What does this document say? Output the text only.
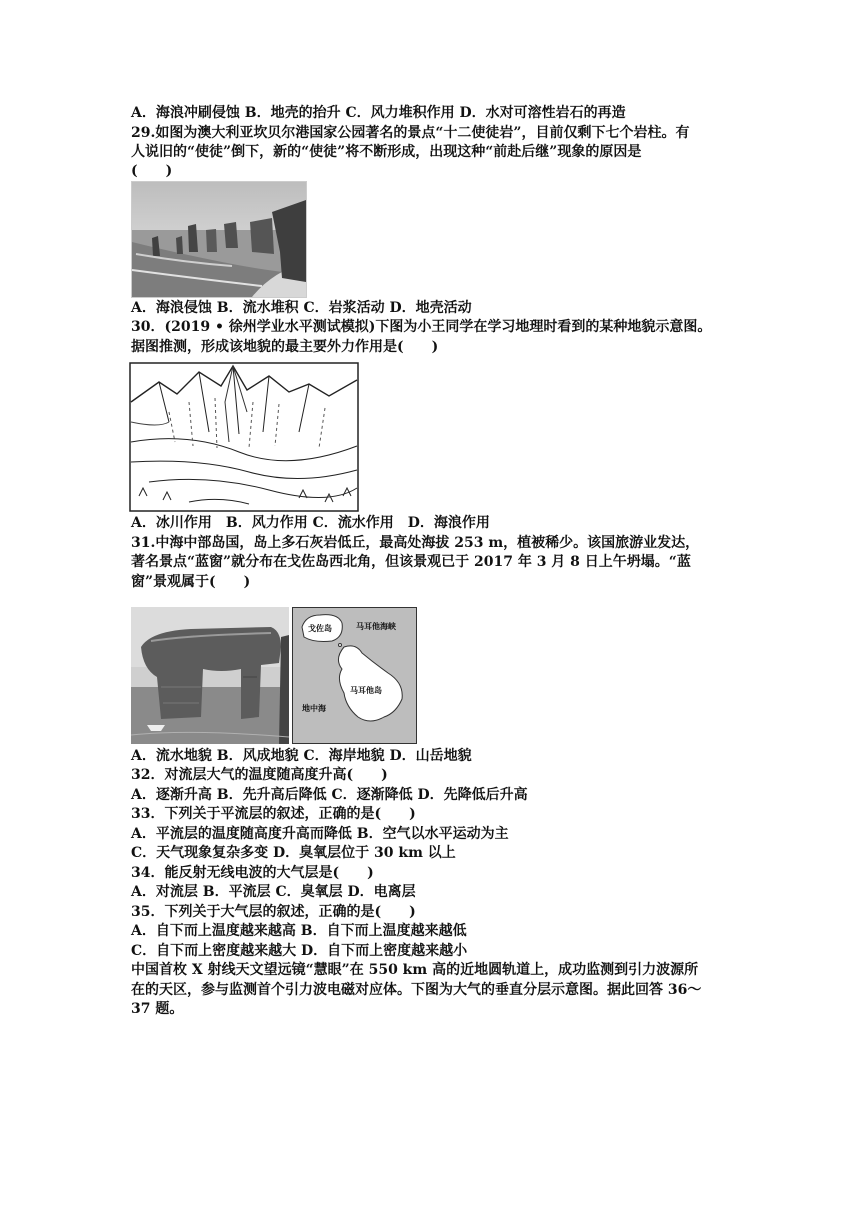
A．海浪冲刷侵蚀 B．地壳的抬升 C．风力堆积作用 D．水对可溶性岩石的再造
29.如图为澳大利亚坎贝尔港国家公园著名的景点“十二使徒岩”，目前仅剩下七个岩柱。有
人说旧的“使徒”倒下，新的“使徒”将不断形成，出现这种“前赴后继”现象的原因是
(　　)
A．海浪侵蚀 B．流水堆积 C．岩浆活动 D．地壳活动
30．(2019 • 徐州学业水平测试模拟)下图为小王同学在学习地理时看到的某种地貌示意图。
据图推测，形成该地貌的最主要外力作用是(　　)
A．冰川作用　B．风力作用 C．流水作用　D．海浪作用
31.中海中部岛国，岛上多石灰岩低丘，最高处海拔 253 m，植被稀少。该国旅游业发达，
著名景点“蓝窗”就分布在戈佐岛西北角，但该景观已于 2017 年 3 月 8 日上午坍塌。“蓝
窗”景观属于(　　)
戈佐岛	马耳他海峡
马耳他岛
地中海
A．流水地貌 B．风成地貌 C．海岸地貌 D．山岳地貌
32．对流层大气的温度随高度升高(　　)
A．逐渐升高 B．先升高后降低 C．逐渐降低 D．先降低后升高
33．下列关于平流层的叙述，正确的是(　　)
A．平流层的温度随高度升高而降低 B．空气以水平运动为主
C．天气现象复杂多变 D．臭氧层位于 30 km 以上
34．能反射无线电波的大气层是(　　)
A．对流层 B．平流层 C．臭氧层 D．电离层
35．下列关于大气层的叙述，正确的是(　　)
A．自下而上温度越来越高 B．自下而上温度越来越低
C．自下而上密度越来越大 D．自下而上密度越来越小
中国首枚 X 射线天文望远镜“慧眼”在 550 km 高的近地圆轨道上，成功监测到引力波源所
在的天区，参与监测首个引力波电磁对应体。下图为大气的垂直分层示意图。据此回答 36～
37 题。
